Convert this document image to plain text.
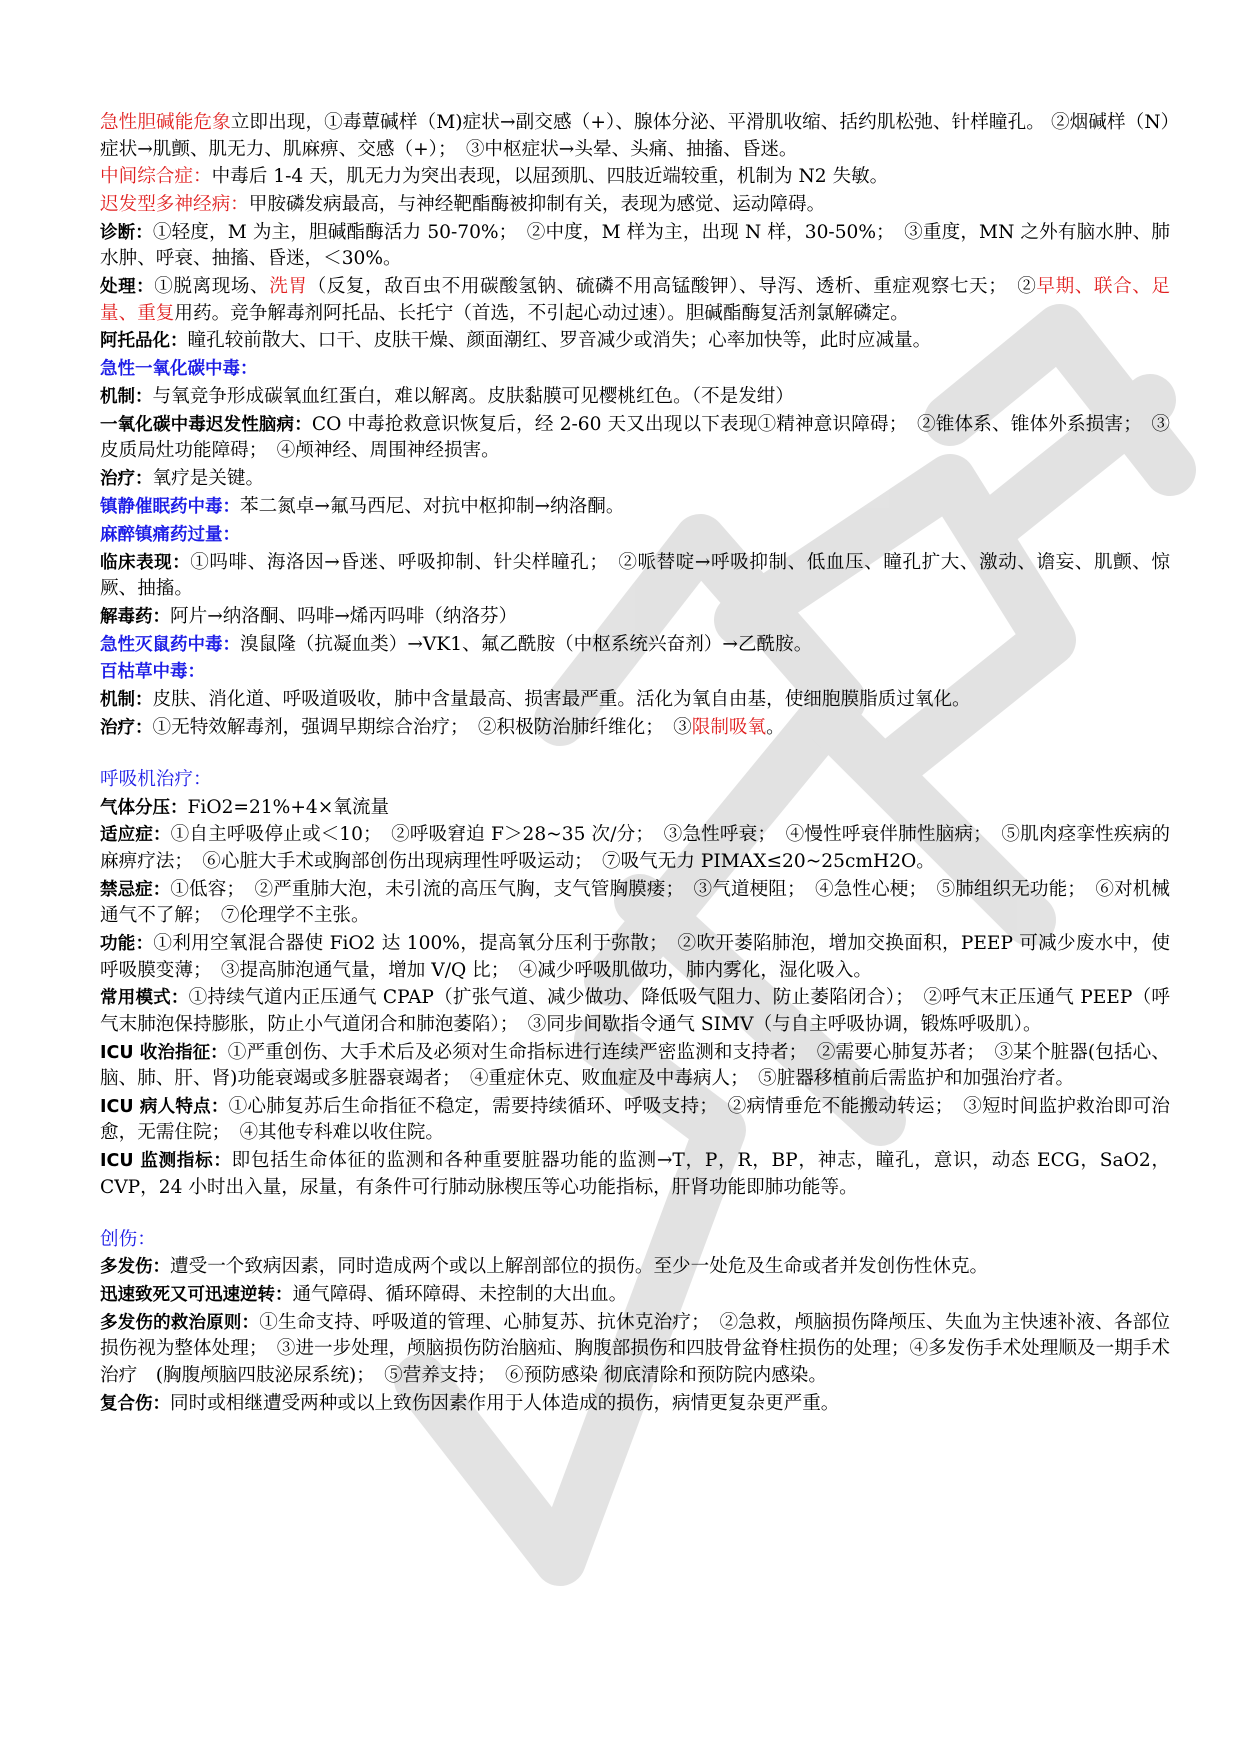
急性胆碱能危象立即出现，①毒蕈碱样（M)症状→副交感（+）、腺体分泌、平滑肌收缩、括约肌松弛、针样瞳孔。 ②烟碱样（N）症状→肌颤、肌无力、肌麻痹、交感（+）；　③中枢症状→头晕、头痛、抽搐、昏迷。

中间综合症：中毒后 1-4 天，肌无力为突出表现，以屈颈肌、四肢近端较重，机制为 N2 失敏。

迟发型多神经病：甲胺磷发病最高，与神经靶酯酶被抑制有关，表现为感觉、运动障碍。

诊断：①轻度，M 为主，胆碱酯酶活力 50-70%；　②中度，M 样为主，出现 N 样，30-50%；　③重度，MN 之外有脑水肿、肺水肿、呼衰、抽搐、昏迷，＜30%。

处理：①脱离现场、洗胃（反复，敌百虫不用碳酸氢钠、硫磷不用高锰酸钾）、导泻、透析、重症观察七天；　②早期、联合、足量、重复用药。竞争解毒剂阿托品、长托宁（首选，不引起心动过速）。胆碱酯酶复活剂氯解磷定。

阿托品化：瞳孔较前散大、口干、皮肤干燥、颜面潮红、罗音减少或消失；心率加快等，此时应减量。

急性一氧化碳中毒：

机制：与氧竞争形成碳氧血红蛋白，难以解离。皮肤黏膜可见樱桃红色。（不是发绀）

一氧化碳中毒迟发性脑病：CO 中毒抢救意识恢复后，经 2-60 天又出现以下表现①精神意识障碍；　②锥体系、锥体外系损害；　③皮质局灶功能障碍；　④颅神经、周围神经损害。

治疗：氧疗是关键。

镇静催眠药中毒：苯二氮卓→氟马西尼、对抗中枢抑制→纳洛酮。

麻醉镇痛药过量：

临床表现：①吗啡、海洛因→昏迷、呼吸抑制、针尖样瞳孔；　②哌替啶→呼吸抑制、低血压、瞳孔扩大、激动、谵妄、肌颤、惊厥、抽搐。

解毒药：阿片→纳洛酮、吗啡→烯丙吗啡（纳洛芬）

急性灭鼠药中毒：溴鼠隆（抗凝血类）→VK1、氟乙酰胺（中枢系统兴奋剂）→乙酰胺。

百枯草中毒：

机制：皮肤、消化道、呼吸道吸收，肺中含量最高、损害最严重。活化为氧自由基，使细胞膜脂质过氧化。

治疗：①无特效解毒剂，强调早期综合治疗；　②积极防治肺纤维化；　③限制吸氧。

呼吸机治疗：

气体分压：FiO2=21%+4×氧流量

适应症：①自主呼吸停止或＜10；　②呼吸窘迫 F＞28~35 次/分；　③急性呼衰；　④慢性呼衰伴肺性脑病；　⑤肌肉痉挛性疾病的麻痹疗法；　⑥心脏大手术或胸部创伤出现病理性呼吸运动；　⑦吸气无力 PIMAX≤20~25cmH2O。

禁忌症：①低容；　②严重肺大泡，未引流的高压气胸，支气管胸膜瘘；　③气道梗阻；　④急性心梗；　⑤肺组织无功能；　⑥对机械通气不了解；　⑦伦理学不主张。

功能：①利用空氧混合器使 FiO2 达 100%，提高氧分压利于弥散；　②吹开萎陷肺泡，增加交换面积，PEEP 可减少废水中，使呼吸膜变薄；　③提高肺泡通气量，增加 V/Q 比；　④减少呼吸肌做功，肺内雾化，湿化吸入。

常用模式：①持续气道内正压通气 CPAP（扩张气道、减少做功、降低吸气阻力、防止萎陷闭合）；　②呼气末正压通气 PEEP（呼气末肺泡保持膨胀，防止小气道闭合和肺泡萎陷）；　③同步间歇指令通气 SIMV（与自主呼吸协调，锻炼呼吸肌）。

ICU 收治指征：①严重创伤、大手术后及必须对生命指标进行连续严密监测和支持者；　②需要心肺复苏者；　③某个脏器(包括心、脑、肺、肝、肾)功能衰竭或多脏器衰竭者；　④重症休克、败血症及中毒病人；　⑤脏器移植前后需监护和加强治疗者。

ICU 病人特点：①心肺复苏后生命指征不稳定，需要持续循环、呼吸支持；　②病情垂危不能搬动转运；　③短时间监护救治即可治愈，无需住院；　④其他专科难以收住院。

ICU 监测指标：即包括生命体征的监测和各种重要脏器功能的监测→T，P，R，BP，神志，瞳孔，意识，动态 ECG，SaO2，CVP，24 小时出入量，尿量，有条件可行肺动脉楔压等心功能指标，肝肾功能即肺功能等。

创伤：

多发伤：遭受一个致病因素，同时造成两个或以上解剖部位的损伤。至少一处危及生命或者并发创伤性休克。

迅速致死又可迅速逆转：通气障碍、循环障碍、未控制的大出血。

多发伤的救治原则：①生命支持、呼吸道的管理、心肺复苏、抗休克治疗；　②急救，颅脑损伤降颅压、失血为主快速补液、各部位损伤视为整体处理；　③进一步处理，颅脑损伤防治脑疝、胸腹部损伤和四肢骨盆脊柱损伤的处理；④多发伤手术处理顺及一期手术治疗　(胸腹颅脑四肢泌尿系统)；　⑤营养支持；　⑥预防感染 彻底清除和预防院内感染。

复合伤：同时或相继遭受两种或以上致伤因素作用于人体造成的损伤，病情更复杂更严重。
